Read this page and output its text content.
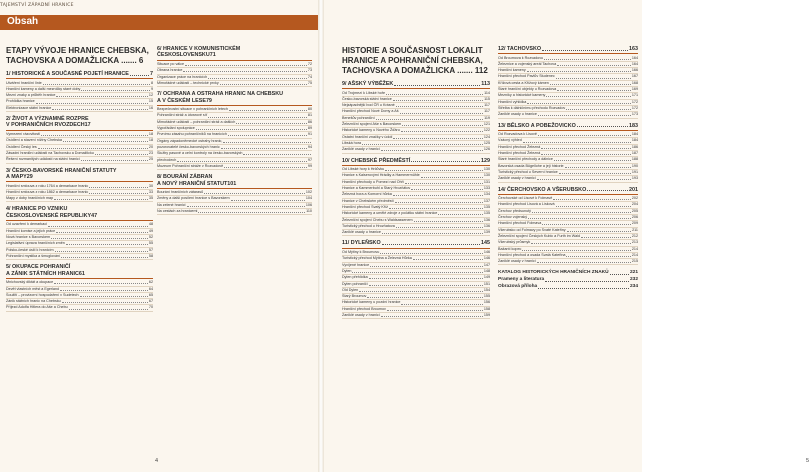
TAJEMSTVÍ ZÁPADNÍ HRANICE
Obsah
ETAPY VÝVOJE HRANICE CHEBSKA, TACHOVSKA A DOMAŽLICKA ....... 6
1/ HISTORICKÉ A SOUČASNÉ POJETÍ HRANICE	7
Utváření hraniční linie	8
Hraniční kameny a další mezníčky staré doby	9
Mezní znaky a průběh hranice	12
Prohlídka hranice	15
Elektronizace státní hranice	16
2/ ŽIVOT A VÝZNAMNÉ ROZPRE
V POHRANIČNÍCH RVOZDECH 17
Vymezení rázovitosti	18
Osídlení a stavení nížiny Chebska	18
Osídlení Český les	20
Zásadní hraniční události na Tachovsku a Domažlicku	23
Řešení rozmanitých událostí na státní hranici	25
3/ ČESKO-BAVORSKÉ HRANIČNÍ STATUTY
A MAPY 29
Hraniční smlouva z roku 1764 a demarkace hranic	30
Hraniční smlouva z roku 1862 a demarkace hranic	33
Mapy z doby hraničních map	35
4/ HRANICE PO VZNIKU
ČESKOSLOVENSKÉ REPUBLIKY 47
Od uzavření k demarkaci	48
Hraniční komise a jejich práce	49
Nová hranice s Bavorskem	52
Legislativní úprava hraničních změn	55
Polsko-české úsilí k hranicím	57
Pohraniční mystika a šmuglování	58
5/ OKUPACE POHRANIČÍ
A ZÁNIK STÁTNÍCH HRANIC 61
Mnichovský diktát a okupace	62
Devět vlastních měst a Egerland	64
Soužití – provizorní hospodaření v Sudetech	65
Zánik státních hranic na Chebsku	67
Příjezd Adolfa Hitlera do Aše a Chebu	70
6/ HRANICE V KOMUNISTICKÉM
ČESKOSLOVENSKU 71
Situace po válce	72
Obrana hranice	73
Organizace práce na hranicích	74
Mimořádné události – technické prvky	75
7/ OCHRANA A OSTRAHA HRANIC NA CHEBSKU
A V ČESKÉM LESE 79
Bezpečnostní situace v pohraničních letech	80
Pohraniční stráž a útvarové síť	81
Mimořádné události – pohraniční stráž a dalších	86
Vypořádání spolupráce	89
Prvnímu zásahu pohraničníků na hranicích	91
Orgány západoněmecké ostrahy hranic,
pozorovatelé česko-bavorských hranic	94
Služby pasové a celní kontroly na česko-bavorských
přechodech	97
Muzeum Pohraniční stráže v Rozvadově	99
8/ BOURÁNÍ ZÁBRAN
A NOVÝ HRANIČNÍ STATUT 101
Bourání hraničních zátarasů	102
Změny a další posílení hranice s Bavorskem	104
Na zelené hranici	106
Na cestách za hranicemi	110
4
HISTORIE A SOUČASNOST LOKALIT HRANICE A POHRANIČNÍ CHEBSKA, TACHOVSKA A DOMAŽLICKA ....... 112
9/ AŠSKÝ VÝBĚŽEK	113
Od Trojmezí k Libské hoře	114
Česko-bavorská státní hranice	115
Nejzápadnější bod ČR u Krásné	117
Hraniční přechod Nové Domy a Aš	117
Benešův pohraniční	119
Železniční spojení Aše s Bavorskem	121
Historické kameny u Nového Žďáru	122
Ostatní hraniční značky v údolí	124
Libská hora	125
Zaniklé osady v hranici	126
10/ CHEBSKÉ PŘEDMĚSTÍ	129
Od Libské hory k Hrčůvku	130
Hranice s Kaiserovými Hrádky a Hammermühle	130
Hraniční přechody u Pomezí nad Ohří	131
Hranice a Kammerbuhl a Starý Hrozňátov	133
Železná hora a Komorní hůrka	134
Hranice v Chebském předměstí	137
Hraniční přechod Svatý Kříž	135
Historické kameny a umělé zdroje z počátku státní hranice	135
Železniční spojení Chebu s Waldsassenem	136
Turistický přechod u Hrozňatova	136
Zaniklé osady u hranice	139
11/ DYLEŇSKO	145
Od Mýtiny k Broumovu	146
Turistický přechod Mýtina a Železná Hůrka	146
Vyvíjené hranice	147
Dylen	148
Dylen přehlídka	149
Dylen pohraničí	151
Old Dylen	154
Starý Broumov	155
Historické kameny u pozdní hranice	156
Hraniční přechod Broumov	158
Zaniklé osady v hranici	159
12/ TACHOVSKO	163
Od Broumova k Rozvadovu	164
Železnice a vojenský areál Tachova	164
Hraniční kameny	166
Hraniční přechod Pavlův Studenec	167
Křížová cesta a Křížový kámen	168
Staré hraniční objekty u Rozvadova	169
Mezníky a historické kameny	171
Hraniční vyhlídka	172
Střelba k dálničnímu přechodu Rozvadov	172
Zaniklé osady u hranice	173
13/ BĚLSKO A POBEŽOVICKO	183
Od Rozvadova k Lisově	184
Vzácný výhled	184
Hraniční přechod Železná	186
Hraniční přechod Železná	187
Staré hraniční přechody a dálnice	188
Bavorská osada Bügellohe a její historie	190
Turistický přechod u Severní hranice	191
Zaniklé osady v hranici	193
14/ ČERCHOVSKO A VŠERUBSKO	201
Čerchovské od Lisové k Folmavě	202
Hraniční přechod Lisová a Lísková	204
Čerchov předsunutý	205
Čerchov vojenský	206
Hraniční přechod Folmava	209
Všerubsko od Folmavy po Svaté Kateřiny	211
Železniční spojení Českých Kubic a Furth im Wald	212
Všerubský průsmyk	213
Bažantí kopec	214
Hraniční přechod a osada Svatá Kateřina	214
Zaniklé osady v hranici	215
KATALOG HISTORICKÝCH HRANIČNÍCH ZNAKŮ	221
Prameny a literatura	232
Obrazová příloha	234
5
